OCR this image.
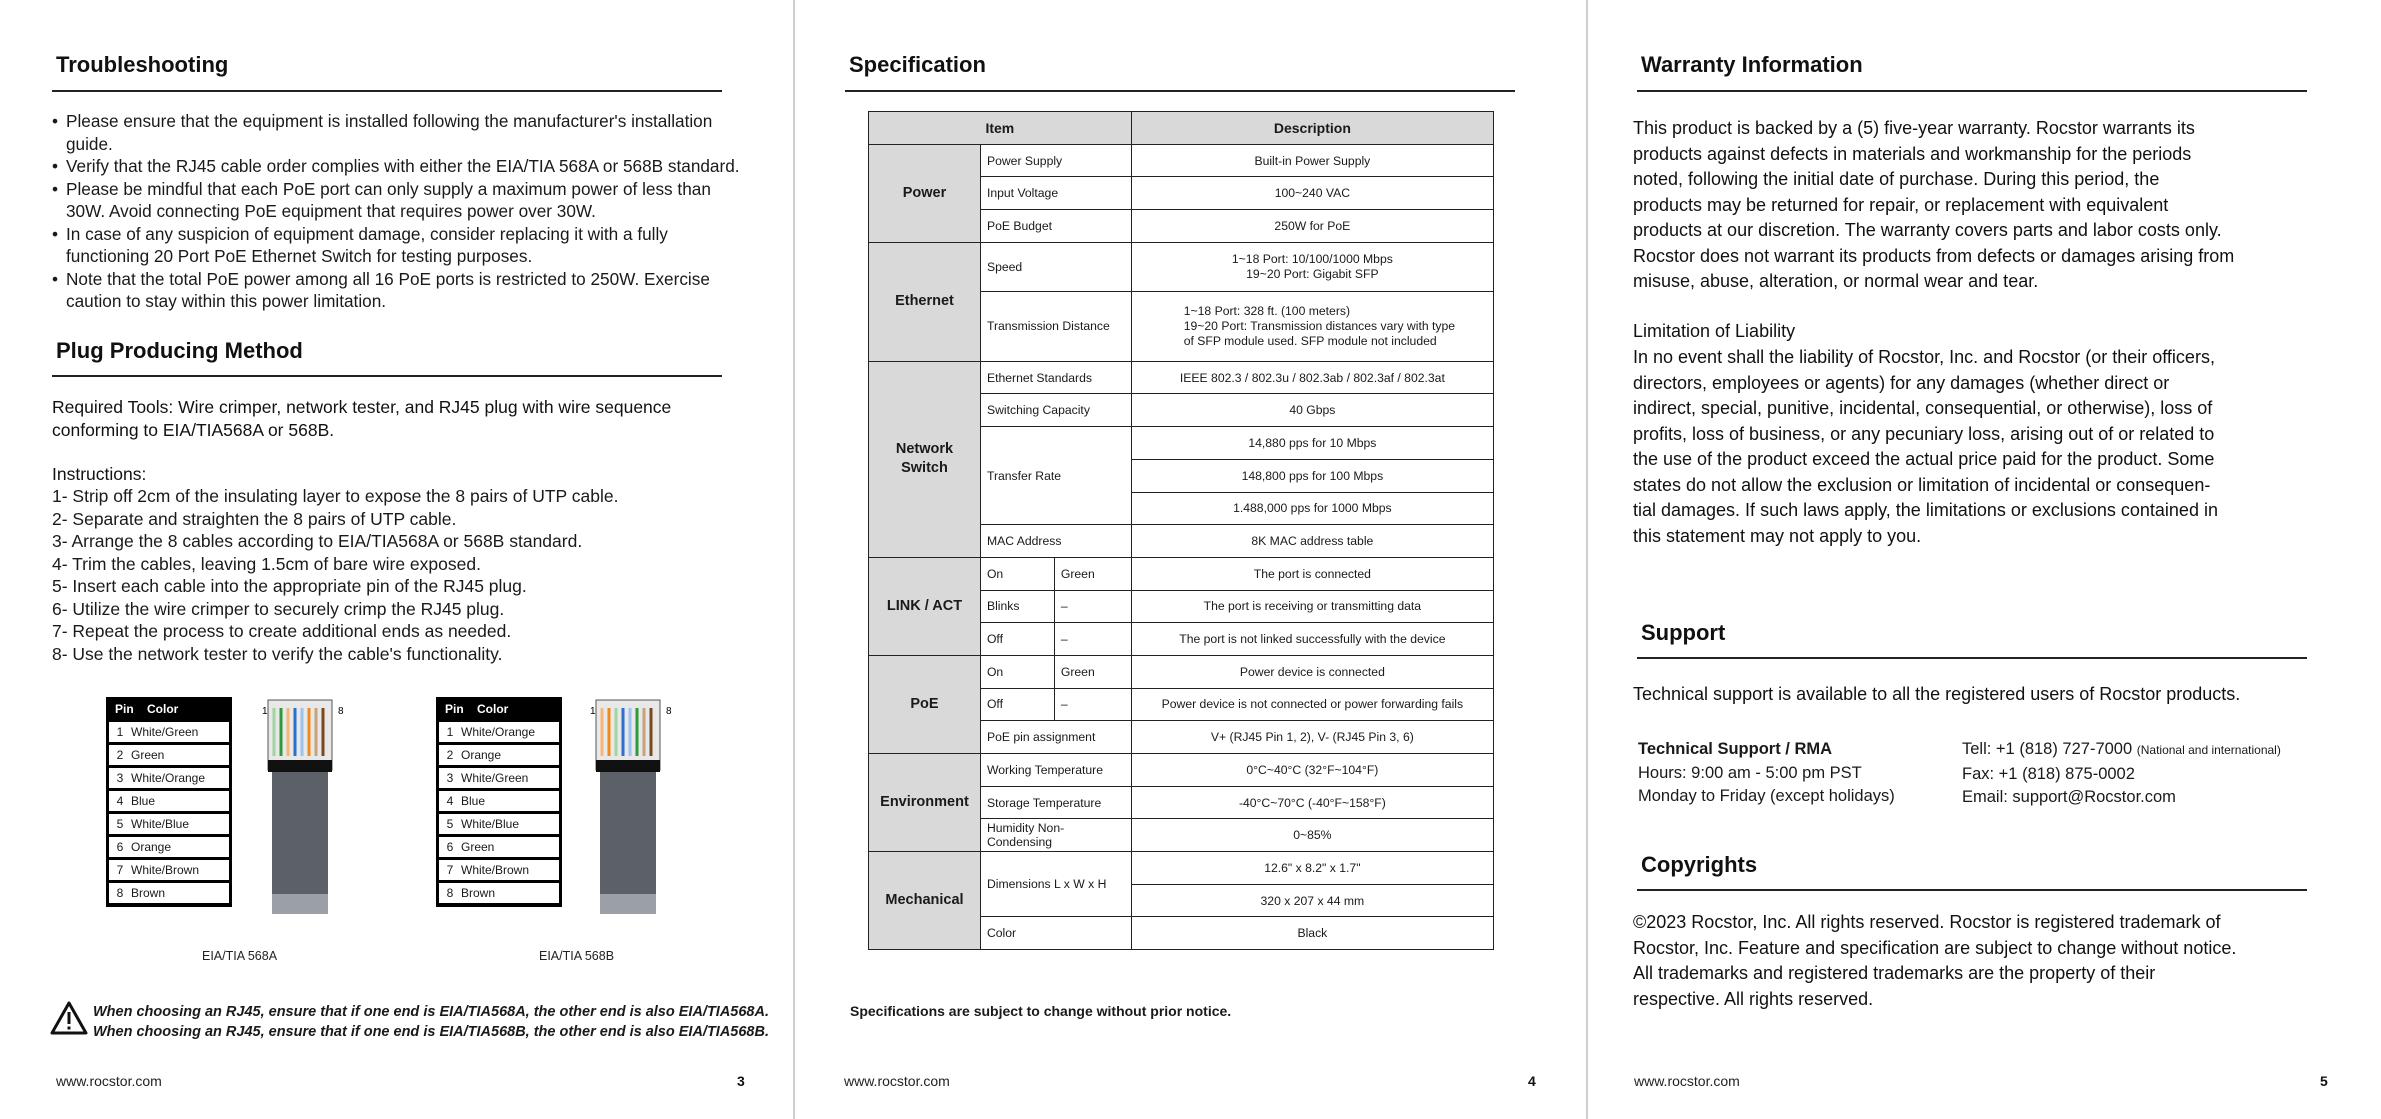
Troubleshooting
• Please ensure that the equipment is installed following the manufacturer's installation guide.
• Verify that the RJ45 cable order complies with either the EIA/TIA 568A or 568B standard.
• Please be mindful that each PoE port can only supply a maximum power of less than 30W. Avoid connecting PoE equipment that requires power over 30W.
• In case of any suspicion of equipment damage, consider replacing it with a fully functioning 20 Port PoE Ethernet Switch for testing purposes.
• Note that the total PoE power among all 16 PoE ports is restricted to 250W. Exercise caution to stay within this power limitation.
Plug Producing Method
Required Tools: Wire crimper, network tester, and RJ45 plug with wire sequence
conforming to EIA/TIA568A or 568B.
Instructions:
1- Strip off 2cm of the insulating layer to expose the 8 pairs of UTP cable.
2- Separate and straighten the 8 pairs of UTP cable.
3- Arrange the 8 cables according to EIA/TIA568A or 568B standard.
4- Trim the cables, leaving 1.5cm of bare wire exposed.
5- Insert each cable into the appropriate pin of the RJ45 plug.
6- Utilize the wire crimper to securely crimp the RJ45 plug.
7- Repeat the process to create additional ends as needed.
8- Use the network tester to verify the cable's functionality.
Pin	Color
1 White/Green
2 Green
3 White/Orange
4 Blue
5 White/Blue
6 Orange
7 White/Brown
8 Brown
1	8
EIA/TIA 568A
Pin	Color
1 White/Orange
2 Orange
3 White/Green
4 Blue
5 White/Blue
6 Green
7 White/Brown
8 Brown
1	8
EIA/TIA 568B
When choosing an RJ45, ensure that if one end is EIA/TIA568A, the other end is also EIA/TIA568A.
When choosing an RJ45, ensure that if one end is EIA/TIA568B, the other end is also EIA/TIA568B.
www.rocstor.com	3
Specification
Item			Description
Power	Power Supply		Built-in Power Supply
	Input Voltage		100~240 VAC
	PoE Budget		250W for PoE
Ethernet	Speed		1~18 Port: 10/100/1000 Mbps
19~20 Port: Gigabit SFP
	Transmission Distance		1~18 Port: 328 ft. (100 meters)
19~20 Port: Transmission distances vary with type
of SFP module used. SFP module not included
Network
Switch	Ethernet Standards		IEEE 802.3 / 802.3u / 802.3ab / 802.3af / 802.3at
	Switching Capacity		40 Gbps
	Transfer Rate		14,880 pps for 10 Mbps
			148,800 pps for 100 Mbps
			1.488,000 pps for 1000 Mbps
	MAC Address		8K MAC address table
LINK / ACT	On	Green	The port is connected
	Blinks	–	The port is receiving or transmitting data
	Off	–	The port is not linked successfully with the device
PoE	On	Green	Power device is connected
	Off	–	Power device is not connected or power forwarding fails
	PoE pin assignment		V+ (RJ45 Pin 1, 2), V- (RJ45 Pin 3, 6)
Environment	Working Temperature		0°C~40°C (32°F~104°F)
	Storage Temperature		-40°C~70°C (-40°F~158°F)
	Humidity Non-Condensing		0~85%
Mechanical	Dimensions L x W x H		12.6" x 8.2" x 1.7"
			320 x 207 x 44 mm
	Color		Black
Specifications are subject to change without prior notice.
www.rocstor.com	4
Warranty Information
This product is backed by a (5) five-year warranty. Rocstor warrants its
products against defects in materials and workmanship for the periods
noted, following the initial date of purchase. During this period, the
products may be returned for repair, or replacement with equivalent
products at our discretion. The warranty covers parts and labor costs only.
Rocstor does not warrant its products from defects or damages arising from
misuse, abuse, alteration, or normal wear and tear.
Limitation of Liability
In no event shall the liability of Rocstor, Inc. and Rocstor (or their officers,
directors, employees or agents) for any damages (whether direct or
indirect, special, punitive, incidental, consequential, or otherwise), loss of
profits, loss of business, or any pecuniary loss, arising out of or related to
the use of the product exceed the actual price paid for the product. Some
states do not allow the exclusion or limitation of incidental or consequen-
tial damages. If such laws apply, the limitations or exclusions contained in
this statement may not apply to you.
Support
Technical support is available to all the registered users of Rocstor products.
Technical Support / RMA
Hours: 9:00 am - 5:00 pm PST
Monday to Friday (except holidays)
Tell: +1 (818) 727-7000 (National and international)
Fax: +1 (818) 875-0002
Email: support@Rocstor.com
Copyrights
©2023 Rocstor, Inc. All rights reserved. Rocstor is registered trademark of
Rocstor, Inc. Feature and specification are subject to change without notice.
All trademarks and registered trademarks are the property of their
respective. All rights reserved.
www.rocstor.com	5
